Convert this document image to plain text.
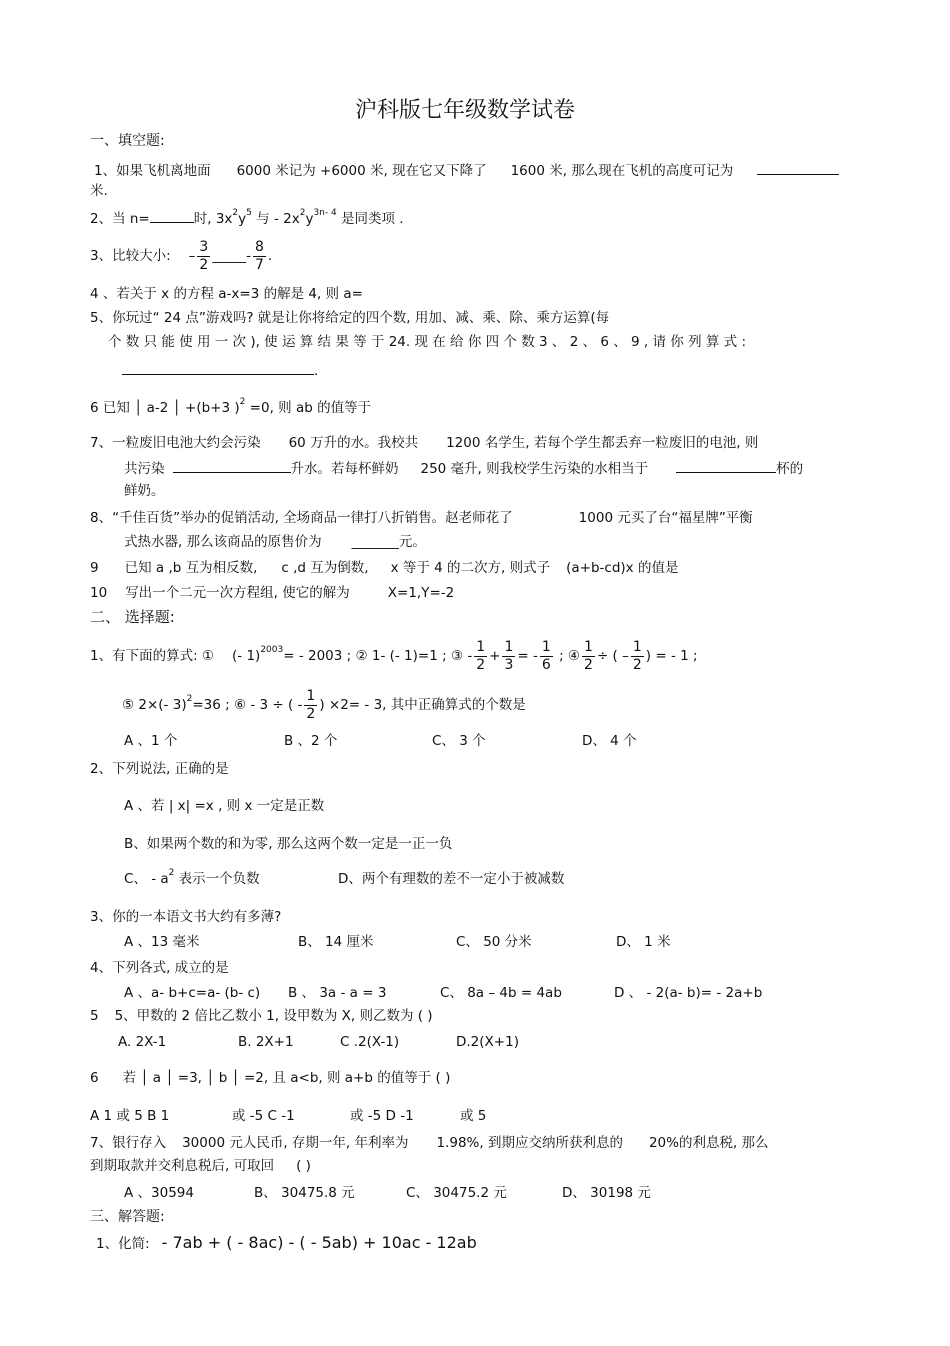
沪科版七年级数学试卷
一、填空题:
1、如果飞机离地面 6000 米记为 +6000 米, 现在它又下降了 1600 米, 那么现在飞机的高度可记为
米.
2、当 n=	时, $3x^2y^5$ 与 - $2x^2y^{3n- 4}$ 是同类项 .
3、比较大小: – $\frac{3}{2}$ _____- $\frac{8}{7}$ .
4 、若关于 x 的方程 a-x=3 的解是 4, 则 a=
5、你玩过“ 24 点”游戏吗? 就是让你将给定的四个数, 用加、减、乘、除、乘方运算(每
个 数 只 能 使 用 一 次 ), 使 运 算 结 果 等 于 24. 现 在 给 你 四 个 数 3 、 2 、 6 、 9 , 请 你 列 算 式 :
.
6 已知 │ a-2 │ +(b+3 )$^2$ =0, 则 ab 的值等于
7、一粒废旧电池大约会污染 60 万升的水。我校共 1200 名学生, 若每个学生都丢弃一粒废旧的电池, 则
共污染	升水。若每杯鲜奶 250 毫升, 则我校学生污染的水相当于	杯的
鲜奶。
8、“千佳百货”举办的促销活动, 全场商品一律打八折销售。赵老师花了	1000 元买了台“福星牌”平衡
式热水器, 那么该商品的原售价为 _______元。
9 已知 a ,b 互为相反数, c ,d 互为倒数, x 等于 4 的二次方, 则式子 (a+b-cd)x 的值是
10 写出一个二元一次方程组, 使它的解为	X=1,Y=-2
二、 选择题:
1、有下面的算式: ① (- 1)$^{2003}$= - 2003 ; ② 1- (- 1)=1 ; ③ - $\frac{1}{2} + \frac{1}{3}$ = - $\frac{1}{6}$ ; ④ $\frac{1}{2}$ ÷ ( – $\frac{1}{2}$ ) = - 1 ;
⑤ 2×(- 3)$^2$=36 ; ⑥ - 3 ÷ ( - $\frac{1}{2}$ ) ×2= - 3, 其中正确算式的个数是
A 、1 个	B 、2 个	C、 3 个	D、 4 个
2、下列说法, 正确的是
A 、若 | x| =x , 则 x 一定是正数
B、如果两个数的和为零, 那么这两个数一定是一正一负
C、 - $a^2$ 表示一个负数	D、两个有理数的差不一定小于被减数
3、你的一本语文书大约有多薄?
A 、13 毫米	B、 14 厘米	C、 50 分米	D、 1 米
4、下列各式, 成立的是
A 、a- b+c=a- (b- c) B 、 3a - a = 3	C、 8a – 4b = 4ab	D 、 - 2(a- b)= - 2a+b
5 5、甲数的 2 倍比乙数小 1, 设甲数为 X, 则乙数为 ( )
A. 2X-1	B. 2X+1	C .2(X-1)	D.2(X+1)
6 若 │ a │ =3, │ b │ =2, 且 a<b, 则 a+b 的值等于 ( )
A 1 或 5 B 1	或 -5 C -1	或 -5 D -1	或 5
7、银行存入 30000 元人民币, 存期一年, 年利率为 1.98%, 到期应交纳所获利息的 20%的利息税, 那么
到期取款并交利息税后, 可取回 ( )
A 、30594	B、 30475.8 元	C、 30475.2 元	D、 30198 元
三、解答题:
1、化简: - 7ab + ( - 8ac) - ( - 5ab) + 10ac - 12ab
